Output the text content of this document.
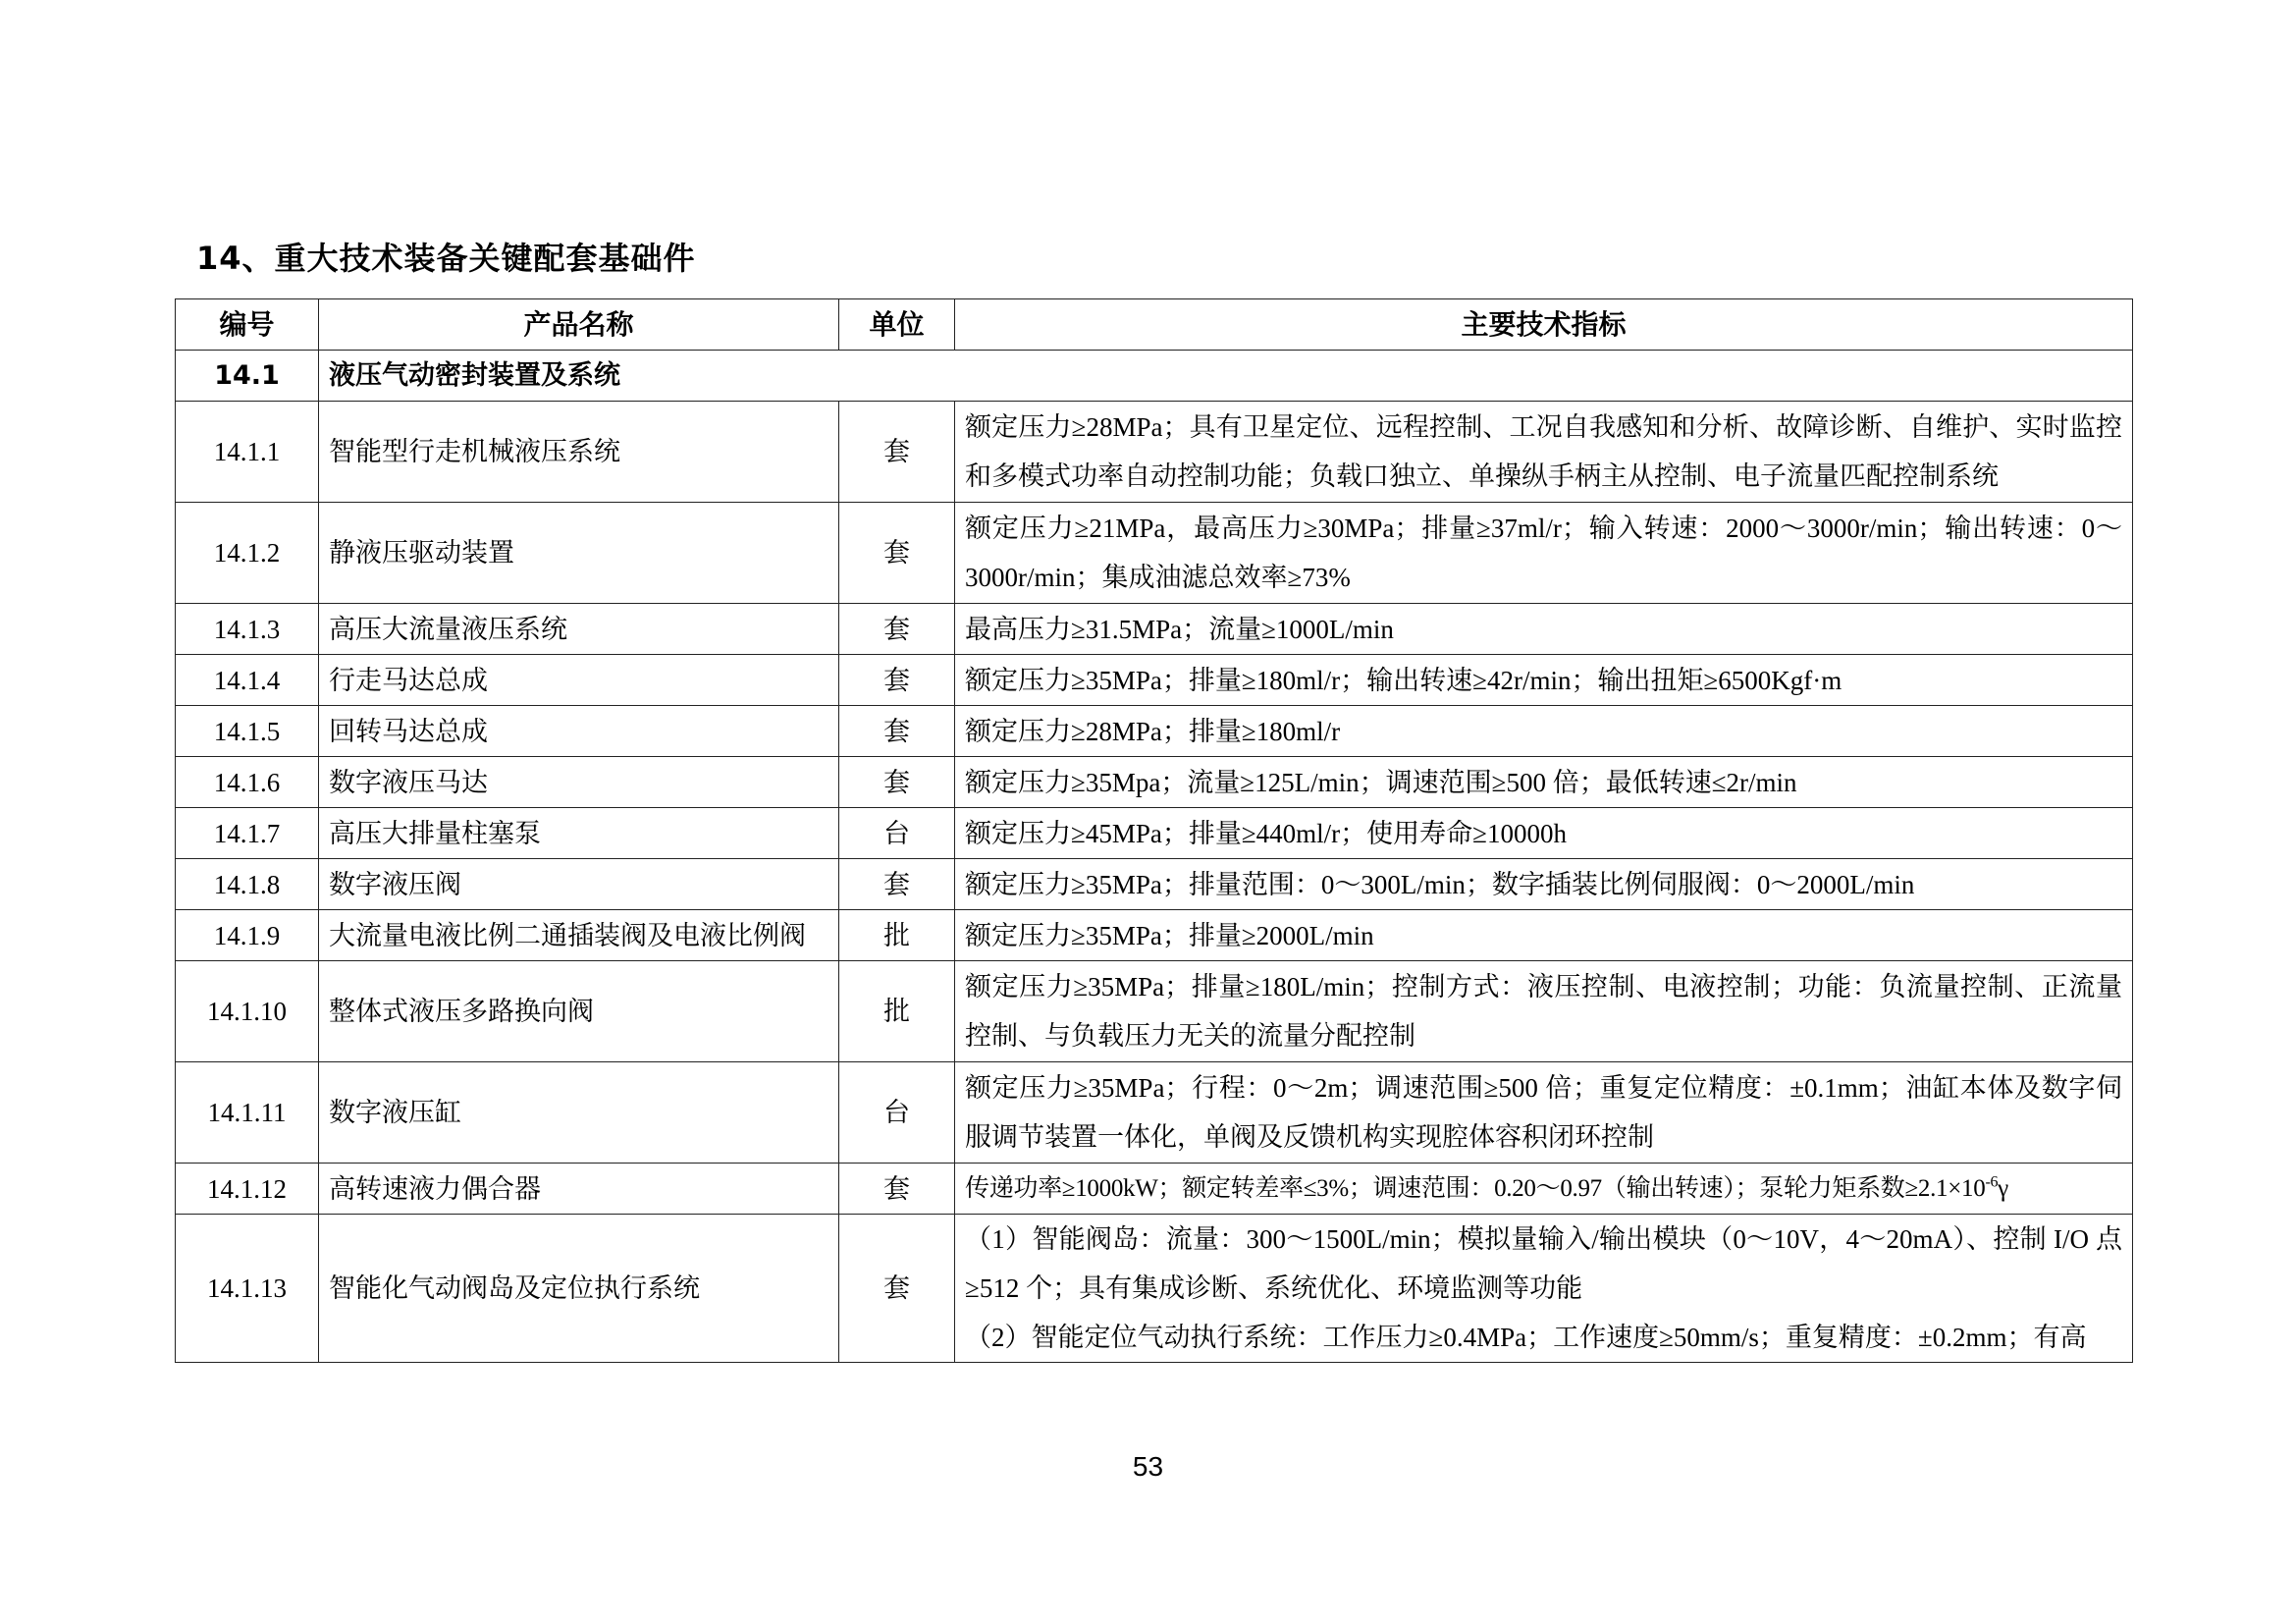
14、重大技术装备关键配套基础件
编号	产品名称	单位	主要技术指标
14.1	液压气动密封装置及系统		
14.1.1	智能型行走机械液压系统	套	额定压力≥28MPa；具有卫星定位、远程控制、工况自我感知和分析、故障诊断、自维护、实时监控和多模式功率自动控制功能；负载口独立、单操纵手柄主从控制、电子流量匹配控制系统
14.1.2	静液压驱动装置	套	额定压力≥21MPa，最高压力≥30MPa；排量≥37ml/r；输入转速：2000～3000r/min；输出转速：0～3000r/min；集成油滤总效率≥73%
14.1.3	高压大流量液压系统	套	最高压力≥31.5MPa；流量≥1000L/min
14.1.4	行走马达总成	套	额定压力≥35MPa；排量≥180ml/r；输出转速≥42r/min；输出扭矩≥6500Kgf·m
14.1.5	回转马达总成	套	额定压力≥28MPa；排量≥180ml/r
14.1.6	数字液压马达	套	额定压力≥35Mpa；流量≥125L/min；调速范围≥500 倍；最低转速≤2r/min
14.1.7	高压大排量柱塞泵	台	额定压力≥45MPa；排量≥440ml/r；使用寿命≥10000h
14.1.8	数字液压阀	套	额定压力≥35MPa；排量范围：0～300L/min；数字插装比例伺服阀：0～2000L/min
14.1.9	大流量电液比例二通插装阀及电液比例阀	批	额定压力≥35MPa；排量≥2000L/min
14.1.10	整体式液压多路换向阀	批	额定压力≥35MPa；排量≥180L/min；控制方式：液压控制、电液控制；功能：负流量控制、正流量控制、与负载压力无关的流量分配控制
14.1.11	数字液压缸	台	额定压力≥35MPa；行程：0～2m；调速范围≥500 倍；重复定位精度：±0.1mm；油缸本体及数字伺服调节装置一体化，单阀及反馈机构实现腔体容积闭环控制
14.1.12	高转速液力偶合器	套	传递功率≥1000kW；额定转差率≤3%；调速范围：0.20～0.97（输出转速）；泵轮力矩系数$\ge 2.1\times 10^{-6}\gamma$
14.1.13	智能化气动阀岛及定位执行系统	套	（1）智能阀岛：流量：300～1500L/min；模拟量输入/输出模块（0～10V，4～20mA）、控制 I/O 点≥512 个；具有集成诊断、系统优化、环境监测等功能
（2）智能定位气动执行系统：工作压力≥0.4MPa；工作速度≥50mm/s；重复精度：±0.2mm；有高
53
